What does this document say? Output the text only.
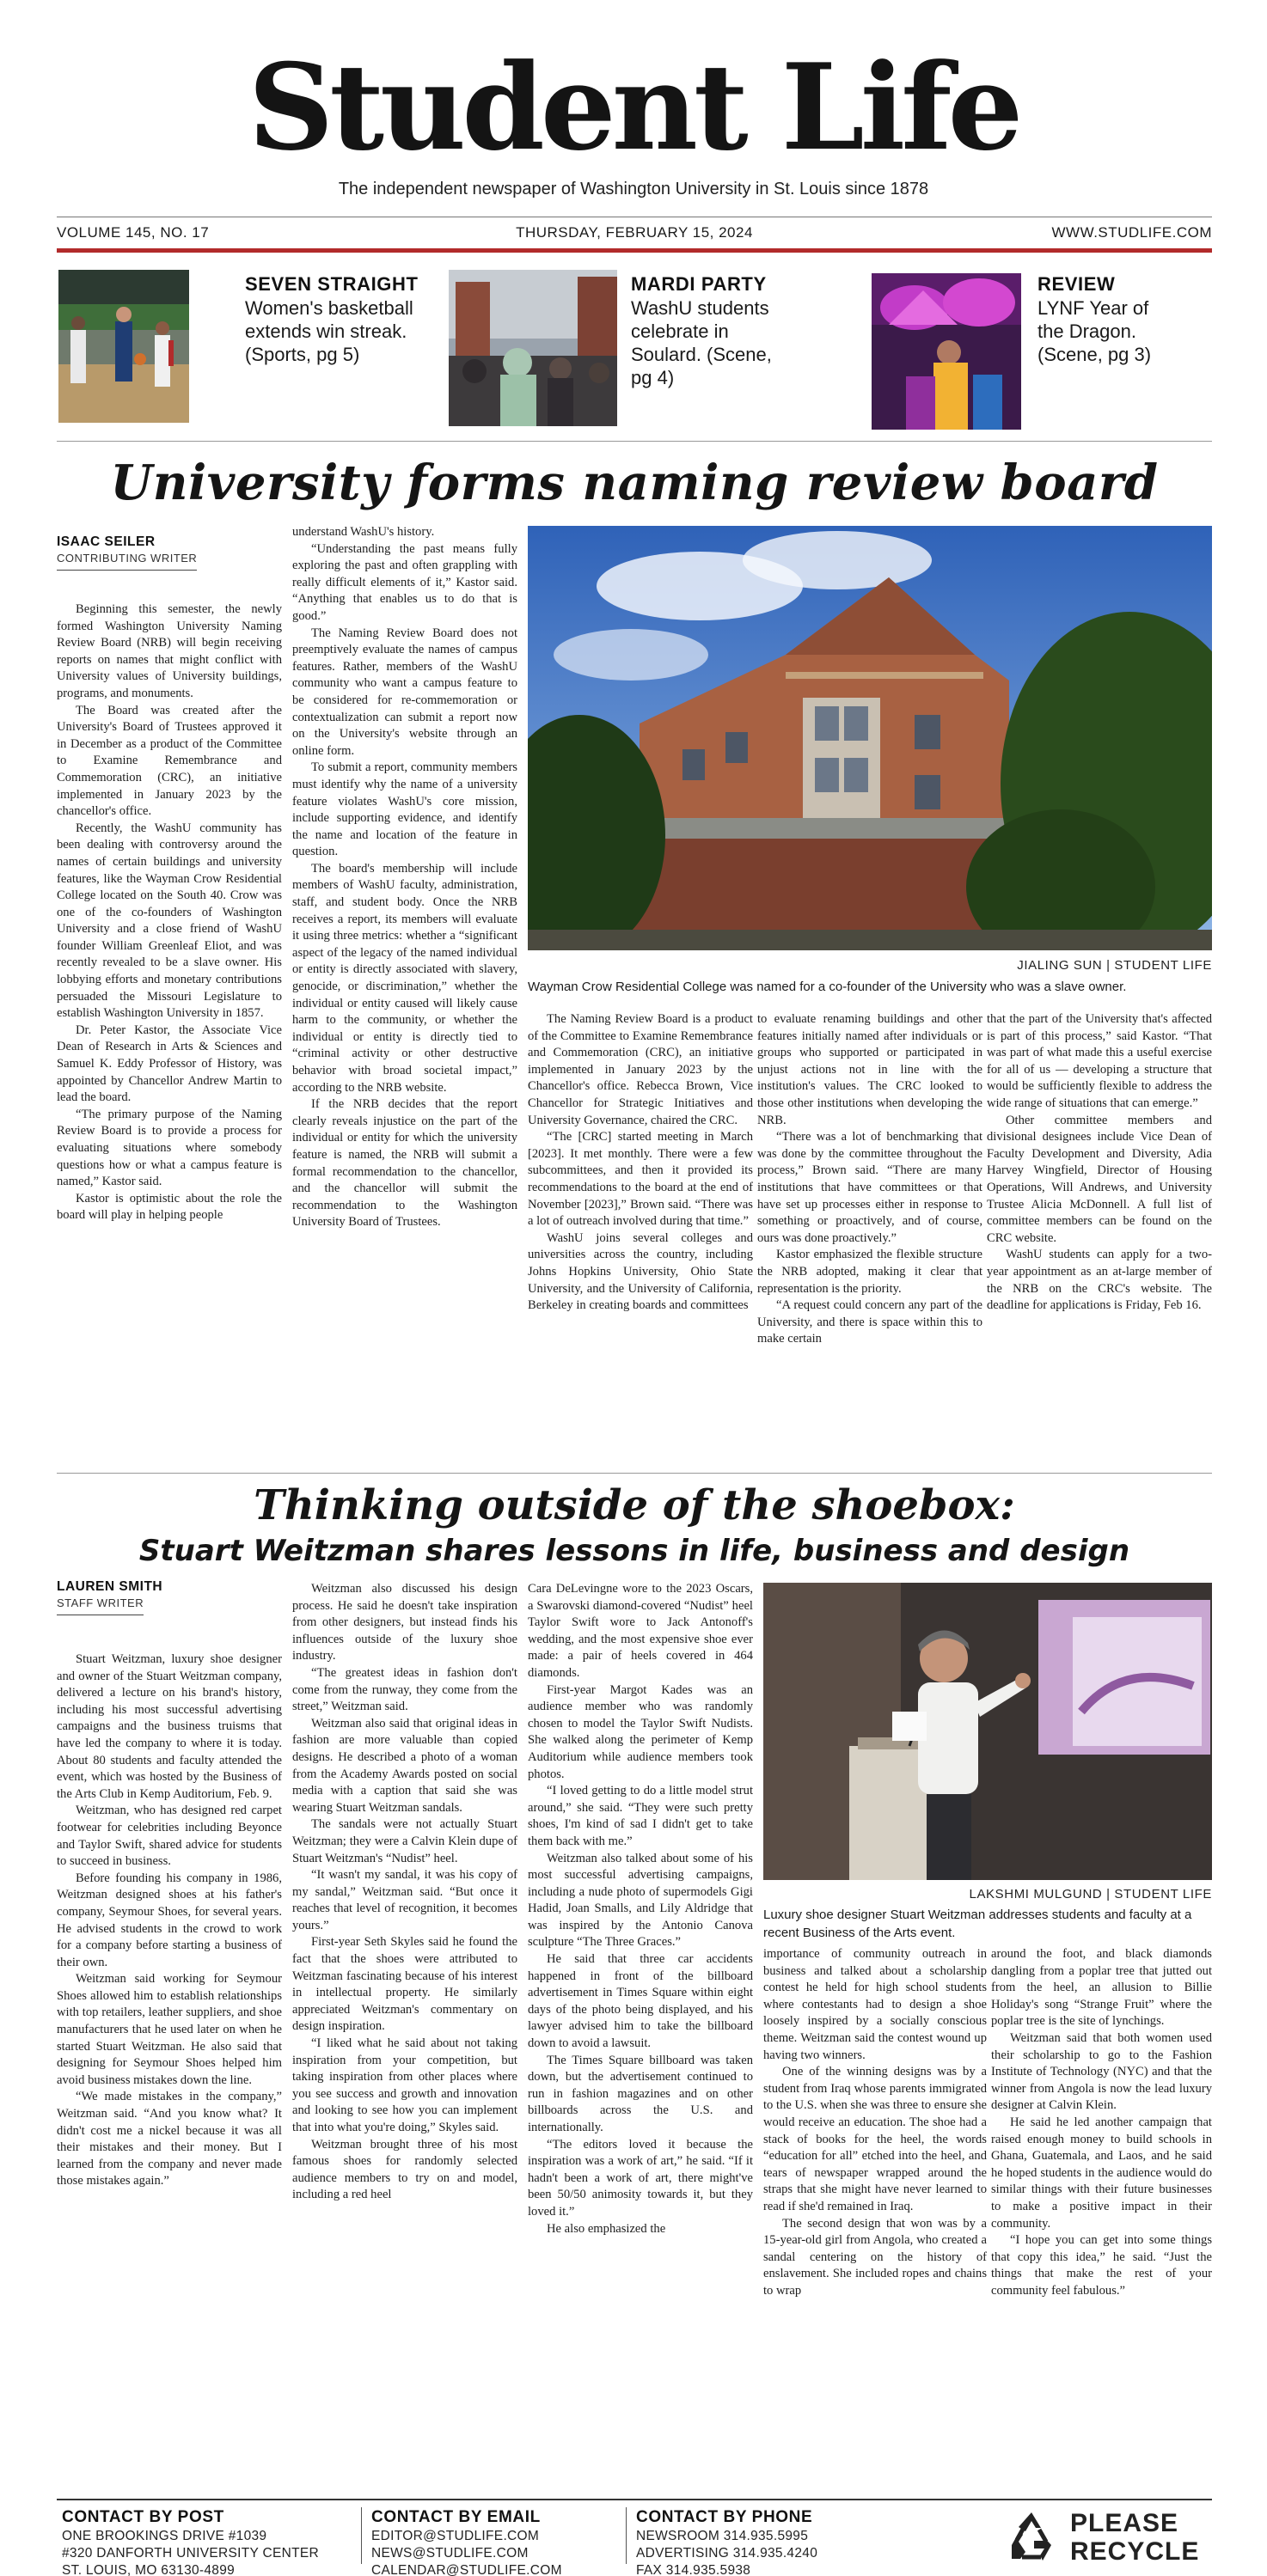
Student Life
The independent newspaper of Washington University in St. Louis since 1878
VOLUME 145, NO. 17	THURSDAY, FEBRUARY 15, 2024	WWW.STUDLIFE.COM
SEVEN STRAIGHT
Women's basketball extends win streak. (Sports, pg 5)
MARDI PARTY
WashU students celebrate in Soulard. (Scene, pg 4)
REVIEW
LYNF Year of the Dragon. (Scene, pg 3)
University forms naming review board
ISAAC SEILER
CONTRIBUTING WRITER

Beginning this semester, the newly formed Washington University Naming Review Board (NRB) will begin receiving reports on names that might conflict with University values of University buildings, programs, and monuments.

The Board was created after the University's Board of Trustees approved it in December as a product of the Committee to Examine Remembrance and Commemoration (CRC), an initiative implemented in January 2023 by the chancellor's office.

Recently, the WashU community has been dealing with controversy around the names of certain buildings and university features, like the Wayman Crow Residential College located on the South 40. Crow was one of the co-founders of Washington University and a close friend of WashU founder William Greenleaf Eliot, and was recently revealed to be a slave owner. His lobbying efforts and monetary contributions persuaded the Missouri Legislature to establish Washington University in 1857.

Dr. Peter Kastor, the Associate Vice Dean of Research in Arts & Sciences and Samuel K. Eddy Professor of History, was appointed by Chancellor Andrew Martin to lead the board.

“The primary purpose of the Naming Review Board is to provide a process for evaluating situations where somebody questions how or what a campus feature is named,” Kastor said.

Kastor is optimistic about the role the board will play in helping people

understand WashU's history.

“Understanding the past means fully exploring the past and often grappling with really difficult elements of it,” Kastor said. “Anything that enables us to do that is good.”

The Naming Review Board does not preemptively evaluate the names of campus features. Rather, members of the WashU community who want a campus feature to be considered for re-commemoration or contextualization can submit a report now on the University's website through an online form.

To submit a report, community members must identify why the name of a university feature violates WashU's core mission, include supporting evidence, and identify the name and location of the feature in question.

The board's membership will include members of WashU faculty, administration, staff, and student body. Once the NRB receives a report, its members will evaluate it using three metrics: whether a “significant aspect of the legacy of the named individual or entity is directly associated with slavery, genocide, or discrimination,” whether the individual or entity caused will likely cause harm to the community, or whether the individual or entity is directly tied to “criminal activity or other destructive behavior with broad societal impact,” according to the NRB website.

If the NRB decides that the report clearly reveals injustice on the part of the individual or entity for which the university feature is named, the NRB will submit a formal recommendation to the chancellor, and the chancellor will submit the recommendation to the Washington University Board of Trustees.

JIALING SUN | STUDENT LIFE
Wayman Crow Residential College was named for a co-founder of the University who was a slave owner.

The Naming Review Board is a product of the Committee to Examine Remembrance and Commemoration (CRC), an initiative implemented in January 2023 by the Chancellor's office. Rebecca Brown, Vice Chancellor for Strategic Initiatives and University Governance, chaired the CRC.

“The [CRC] started meeting in March [2023]. It met monthly. There were a few subcommittees, and then it provided its recommendations to the board at the end of November [2023],” Brown said. “There was a lot of outreach involved during that time.”

WashU joins several colleges and universities across the country, including Johns Hopkins University, Ohio State University, and the University of California, Berkeley in creating boards and committees

to evaluate renaming buildings and other features initially named after individuals or groups who supported or participated in unjust actions not in line with the institution's values. The CRC looked to those other institutions when developing the NRB.

“There was a lot of benchmarking that was done by the committee throughout the process,” Brown said. “There are many institutions that have committees or that have set up processes either in response to something or proactively, and of course, ours was done proactively.”

Kastor emphasized the flexible structure the NRB adopted, making it clear that representation is the priority.

“A request could concern any part of the University, and there is space within this to make certain

that the part of the University that's affected is part of this process,” said Kastor. “That was part of what made this a useful exercise for all of us — developing a structure that would be sufficiently flexible to address the wide range of situations that can emerge.”

Other committee members and divisional designees include Vice Dean of Faculty Development and Diversity, Adia Harvey Wingfield, Director of Housing Operations, Will Andrews, and University Trustee Alicia McDonnell. A full list of committee members can be found on the CRC website.

WashU students can apply for a two-year appointment as an at-large member of the NRB on the CRC's website. The deadline for applications is Friday, Feb 16.

Thinking outside of the shoebox:
Stuart Weitzman shares lessons in life, business and design
LAUREN SMITH
STAFF WRITER

Stuart Weitzman, luxury shoe designer and owner of the Stuart Weitzman company, delivered a lecture on his brand's history, including his most successful advertising campaigns and the business truisms that have led the company to where it is today. About 80 students and faculty attended the event, which was hosted by the Business of the Arts Club in Kemp Auditorium, Feb. 9.

Weitzman, who has designed red carpet footwear for celebrities including Beyonce and Taylor Swift, shared advice for students to succeed in business.

Before founding his company in 1986, Weitzman designed shoes at his father's company, Seymour Shoes, for several years. He advised students in the crowd to work for a company before starting a business of their own.

Weitzman said working for Seymour Shoes allowed him to establish relationships with top retailers, leather suppliers, and shoe manufacturers that he used later on when he started Stuart Weitzman. He also said that designing for Seymour Shoes helped him avoid business mistakes down the line.

“We made mistakes in the company,” Weitzman said. “And you know what? It didn't cost me a nickel because it was all their mistakes and their money. But I learned from the company and never made those mistakes again.”

Weitzman also discussed his design process. He said he doesn't take inspiration from other designers, but instead finds his influences outside of the luxury shoe industry.

“The greatest ideas in fashion don't come from the runway, they come from the street,” Weitzman said.

Weitzman also said that original ideas in fashion are more valuable than copied designs. He described a photo of a woman from the Academy Awards posted on social media with a caption that said she was wearing Stuart Weitzman sandals.

The sandals were not actually Stuart Weitzman; they were a Calvin Klein dupe of Stuart Weitzman's “Nudist” heel.

“It wasn't my sandal, it was his copy of my sandal,” Weitzman said. “But once it reaches that level of recognition, it becomes yours.”

First-year Seth Skyles said he found the fact that the shoes were attributed to Weitzman fascinating because of his interest in intellectual property. He similarly appreciated Weitzman's commentary on design inspiration.

“I liked what he said about not taking inspiration from your competition, but taking inspiration from other places where you see success and growth and innovation and looking to see how you can implement that into what you're doing,” Skyles said.

Weitzman brought three of his most famous shoes for randomly selected audience members to try on and model, including a red heel

Cara DeLevingne wore to the 2023 Oscars, a Swarovski diamond-covered “Nudist” heel Taylor Swift wore to Jack Antonoff's wedding, and the most expensive shoe ever made: a pair of heels covered in 464 diamonds.

First-year Margot Kades was an audience member who was randomly chosen to model the Taylor Swift Nudists. She walked along the perimeter of Kemp Auditorium while audience members took photos.

“I loved getting to do a little model strut around,” she said. “They were such pretty shoes, I'm kind of sad I didn't get to take them back with me.”

Weitzman also talked about some of his most successful advertising campaigns, including a nude photo of supermodels Gigi Hadid, Joan Smalls, and Lily Aldridge that was inspired by the Antonio Canova sculpture “The Three Graces.”

He said that three car accidents happened in front of the billboard advertisement in Times Square within eight days of the photo being displayed, and his lawyer advised him to take the billboard down to avoid a lawsuit.

The Times Square billboard was taken down, but the advertisement continued to run in fashion magazines and on other billboards across the U.S. and internationally.

“The editors loved it because the inspiration was a work of art,” he said. “If it hadn't been a work of art, there might've been 50/50 animosity towards it, but they loved it.”

He also emphasized the

LAKSHMI MULGUND | STUDENT LIFE
Luxury shoe designer Stuart Weitzman addresses students and faculty at a recent Business of the Arts event.

importance of community outreach in business and talked about a scholarship contest he held for high school students where contestants had to design a shoe loosely inspired by a socially conscious theme. Weitzman said the contest wound up having two winners.

One of the winning designs was by a student from Iraq whose parents immigrated to the U.S. when she was three to ensure she would receive an education. The shoe had a stack of books for the heel, the words “education for all” etched into the heel, and tears of newspaper wrapped around the straps that she might have never learned to read if she'd remained in Iraq.

The second design that won was by a 15-year-old girl from Angola, who created a sandal centering on the history of enslavement. She included ropes and chains to wrap

around the foot, and black diamonds dangling from a poplar tree that jutted out from the heel, an allusion to Billie Holiday's song “Strange Fruit” where the poplar tree is the site of lynchings.

Weitzman said that both women used their scholarship to go to the Fashion Institute of Technology (NYC) and that the winner from Angola is now the lead luxury designer at Calvin Klein.

He said he led another campaign that raised enough money to build schools in Ghana, Guatemala, and Laos, and he said he hoped students in the audience would do similar things with their future businesses to make a positive impact in their community.

“I hope you can get into some things that copy this idea,” he said. “Just the things that make the rest of your community feel fabulous.”

CONTACT BY POST
ONE BROOKINGS DRIVE #1039
#320 DANFORTH UNIVERSITY CENTER
ST. LOUIS, MO 63130-4899
CONTACT BY EMAIL
EDITOR@STUDLIFE.COM
NEWS@STUDLIFE.COM
CALENDAR@STUDLIFE.COM
CONTACT BY PHONE
NEWSROOM 314.935.5995
ADVERTISING 314.935.4240
FAX 314.935.5938
PLEASE
RECYCLE
